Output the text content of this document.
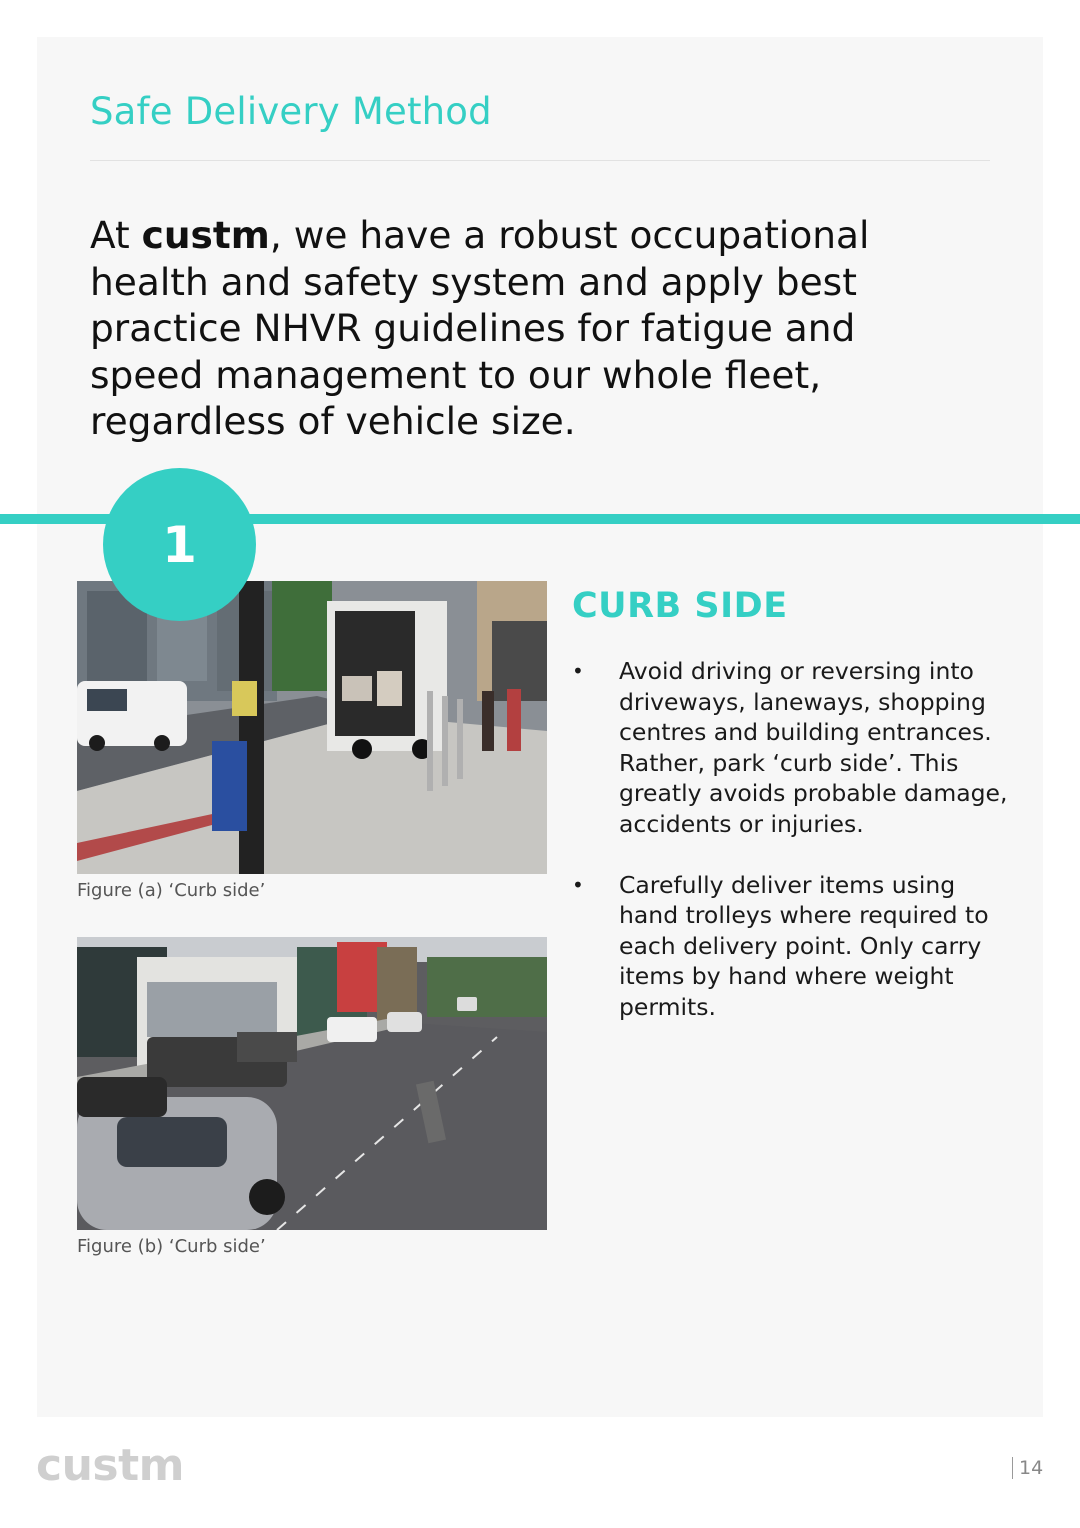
Safe Delivery Method

At custm, we have a robust occupational health and safety system and apply best practice NHVR guidelines for fatigue and speed management to our whole fleet, regardless of vehicle size.

1

Figure (a) ‘Curb side’

Figure (b) ‘Curb side’

CURB SIDE
• Avoid driving or reversing into driveways, laneways, shopping centres and building entrances. Rather, park ‘curb side’. This greatly avoids probable damage, accidents or injuries.
• Carefully deliver items using hand trolleys where required to each delivery point. Only carry items by hand where weight permits.

custm	14
